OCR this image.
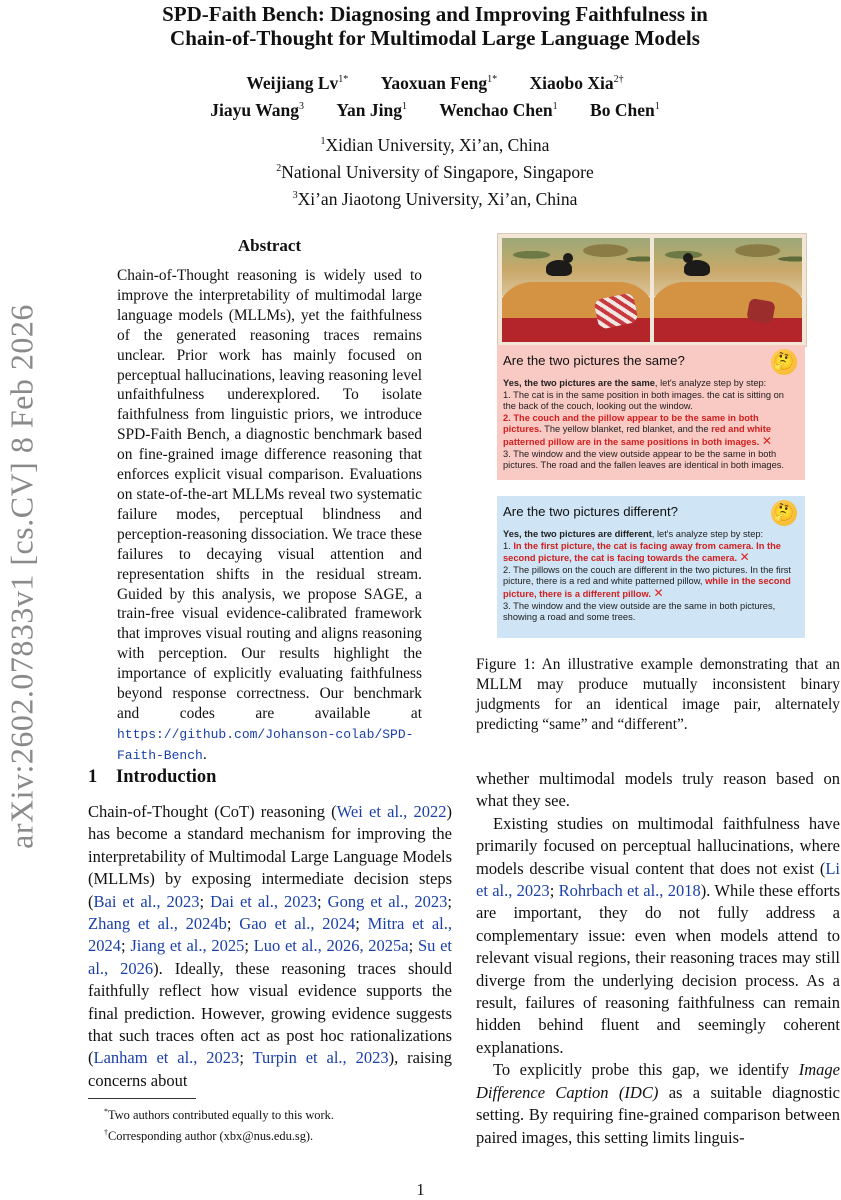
SPD-Faith Bench: Diagnosing and Improving Faithfulness in
Chain-of-Thought for Multimodal Large Language Models
Weijiang $Lv^{1*}$ Yaoxuan Feng$^{1*}$ Xiaobo Xia$^{2\dagger}$
Jiayu Wang$^3$ Yan Jing$^1$ Wenchao Chen$^1$ Bo Chen$^1$
$^1$Xidian University, Xi’an, China
$^2$National University of Singapore, Singapore
$^3$Xi’an Jiaotong University, Xi’an, China
arXiv:2602.07833v1 [cs.CV] 8 Feb 2026
Abstract
Chain-of-Thought reasoning is widely used to improve the interpretability of multimodal large language models (MLLMs), yet the faithfulness of the generated reasoning traces remains unclear. Prior work has mainly focused on perceptual hallucinations, leaving reasoning level unfaithfulness underexplored. To isolate faithfulness from linguistic priors, we introduce SPD-Faith Bench, a diagnostic benchmark based on fine-grained image difference reasoning that enforces explicit visual comparison. Evaluations on state-of-the-art MLLMs reveal two systematic failure modes, perceptual blindness and perception-reasoning dissociation. We trace these failures to decaying visual attention and representation shifts in the residual stream. Guided by this analysis, we propose SAGE, a train-free visual evidence-calibrated framework that improves visual routing and aligns reasoning with perception. Our results highlight the importance of explicitly evaluating faithfulness beyond response correctness. Our benchmark and codes are available at https://github.com/Johanson-colab/SPD-Faith-Bench.
Are the two pictures the same?	🤔

Yes, the two pictures are the same, let's analyze step by step:

1. The cat is in the same position in both images. the cat is sitting on the back of the couch, looking out the window.

2. The couch and the pillow appear to be the same in both pictures. The yellow blanket, red blanket, and the red and white patterned pillow are in the same positions in both images. ✕

3. The window and the view outside appear to be the same in both pictures. The road and the fallen leaves are identical in both images.

Are the two pictures different?	🤔

Yes, the two pictures are different, let's analyze step by step:

1. In the first picture, the cat is facing away from camera. In the second picture, the cat is facing towards the camera. ✕

2. The pillows on the couch are different in the two pictures. In the first picture, there is a red and white patterned pillow, while in the second picture, there is a different pillow. ✕

3. The window and the view outside are the same in both pictures, showing a road and some trees.

Figure 1: An illustrative example demonstrating that an MLLM may produce mutually inconsistent binary judgments for an identical image pair, alternately predicting “same” and “different”.
1 Introduction

Chain-of-Thought (CoT) reasoning (Wei et al., 2022) has become a standard mechanism for improving the interpretability of Multimodal Large Language Models (MLLMs) by exposing intermediate decision steps (Bai et al., 2023; Dai et al., 2023; Gong et al., 2023; Zhang et al., 2024b; Gao et al., 2024; Mitra et al., 2024; Jiang et al., 2025; Luo et al., 2026, 2025a; Su et al., 2026). Ideally, these reasoning traces should faithfully reflect how visual evidence supports the final prediction. However, growing evidence suggests that such traces often act as post hoc rationalizations (Lanham et al., 2023; Turpin et al., 2023), raising concerns about

whether multimodal models truly reason based on what they see.

Existing studies on multimodal faithfulness have primarily focused on perceptual hallucinations, where models describe visual content that does not exist (Li et al., 2023; Rohrbach et al., 2018). While these efforts are important, they do not fully address a complementary issue: even when models attend to relevant visual regions, their reasoning traces may still diverge from the underlying decision process. As a result, failures of reasoning faithfulness can remain hidden behind fluent and seemingly coherent explanations.

To explicitly probe this gap, we identify Image Difference Caption (IDC) as a suitable diagnostic setting. By requiring fine-grained comparison between paired images, this setting limits linguis-

*Two authors contributed equally to this work.

†Corresponding author (xbx@nus.edu.sg).

1
